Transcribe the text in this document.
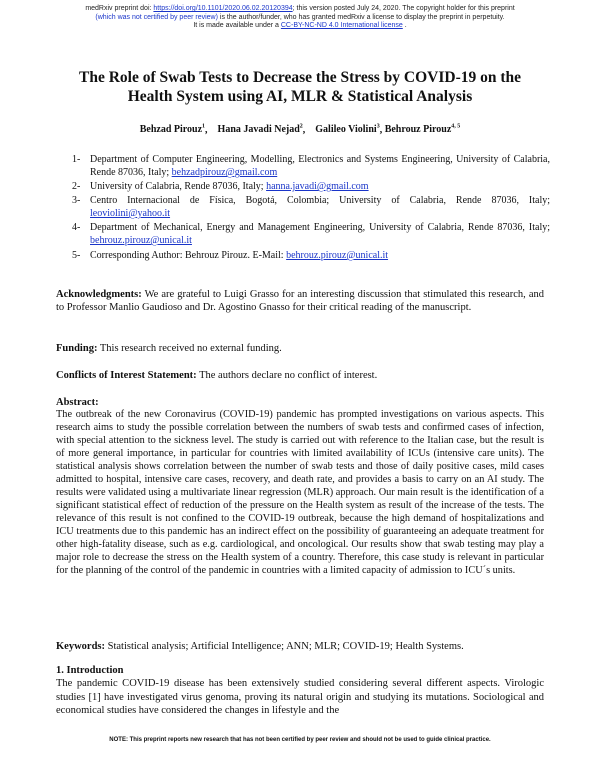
medRxiv preprint doi: https://doi.org/10.1101/2020.06.02.20120394; this version posted July 24, 2020. The copyright holder for this preprint
(which was not certified by peer review) is the author/funder, who has granted medRxiv a license to display the preprint in perpetuity.
It is made available under a CC-BY-NC-ND 4.0 International license .
The Role of Swab Tests to Decrease the Stress by COVID-19 on the Health System using AI, MLR & Statistical Analysis
Behzad Pirouz$^1$,    Hana Javadi Nejad$^2$,    Galileo Violini$^3$, Behrouz Pirouz$^{4, 5}$
1- Department of Computer Engineering, Modelling, Electronics and Systems Engineering, University of Calabria, Rende 87036, Italy; behzadpirouz@gmail.com
2- University of Calabria, Rende 87036, Italy; hanna.javadi@gmail.com
3- Centro Internacional de Física, Bogotá, Colombia; University of Calabria, Rende 87036, Italy; leoviolini@yahoo.it
4- Department of Mechanical, Energy and Management Engineering, University of Calabria, Rende 87036, Italy; behrouz.pirouz@unical.it
5- Corresponding Author: Behrouz Pirouz. E-Mail: behrouz.pirouz@unical.it
Acknowledgments: We are grateful to Luigi Grasso for an interesting discussion that stimulated this research, and to Professor Manlio Gaudioso and Dr. Agostino Gnasso for their critical reading of the manuscript.
Funding: This research received no external funding.
Conflicts of Interest Statement: The authors declare no conflict of interest.
Abstract:
The outbreak of the new Coronavirus (COVID-19) pandemic has prompted investigations on various aspects. This research aims to study the possible correlation between the numbers of swab tests and confirmed cases of infection, with special attention to the sickness level. The study is carried out with reference to the Italian case, but the result is of more general importance, in particular for countries with limited availability of ICUs (intensive care units). The statistical analysis shows correlation between the number of swab tests and those of daily positive cases, mild cases admitted to hospital, intensive care cases, recovery, and death rate, and provides a basis to carry on an AI study. The results were validated using a multivariate linear regression (MLR) approach. Our main result is the identification of a significant statistical effect of reduction of the pressure on the Health system as result of the increase of the tests. The relevance of this result is not confined to the COVID-19 outbreak, because the high demand of hospitalizations and ICU treatments due to this pandemic has an indirect effect on the possibility of guaranteeing an adequate treatment for other high-fatality disease, such as e.g. cardiological, and oncological. Our results show that swab testing may play a major role to decrease the stress on the Health system of a country. Therefore, this case study is relevant in particular for the planning of the control of the pandemic in countries with a limited capacity of admission to ICU´s units.
Keywords: Statistical analysis; Artificial Intelligence; ANN; MLR; COVID-19; Health Systems.
1. Introduction
The pandemic COVID-19 disease has been extensively studied considering several different aspects. Virologic studies [1] have investigated virus genoma, proving its natural origin and studying its mutations. Sociological and economical studies have considered the changes in lifestyle and the
NOTE: This preprint reports new research that has not been certified by peer review and should not be used to guide clinical practice.
